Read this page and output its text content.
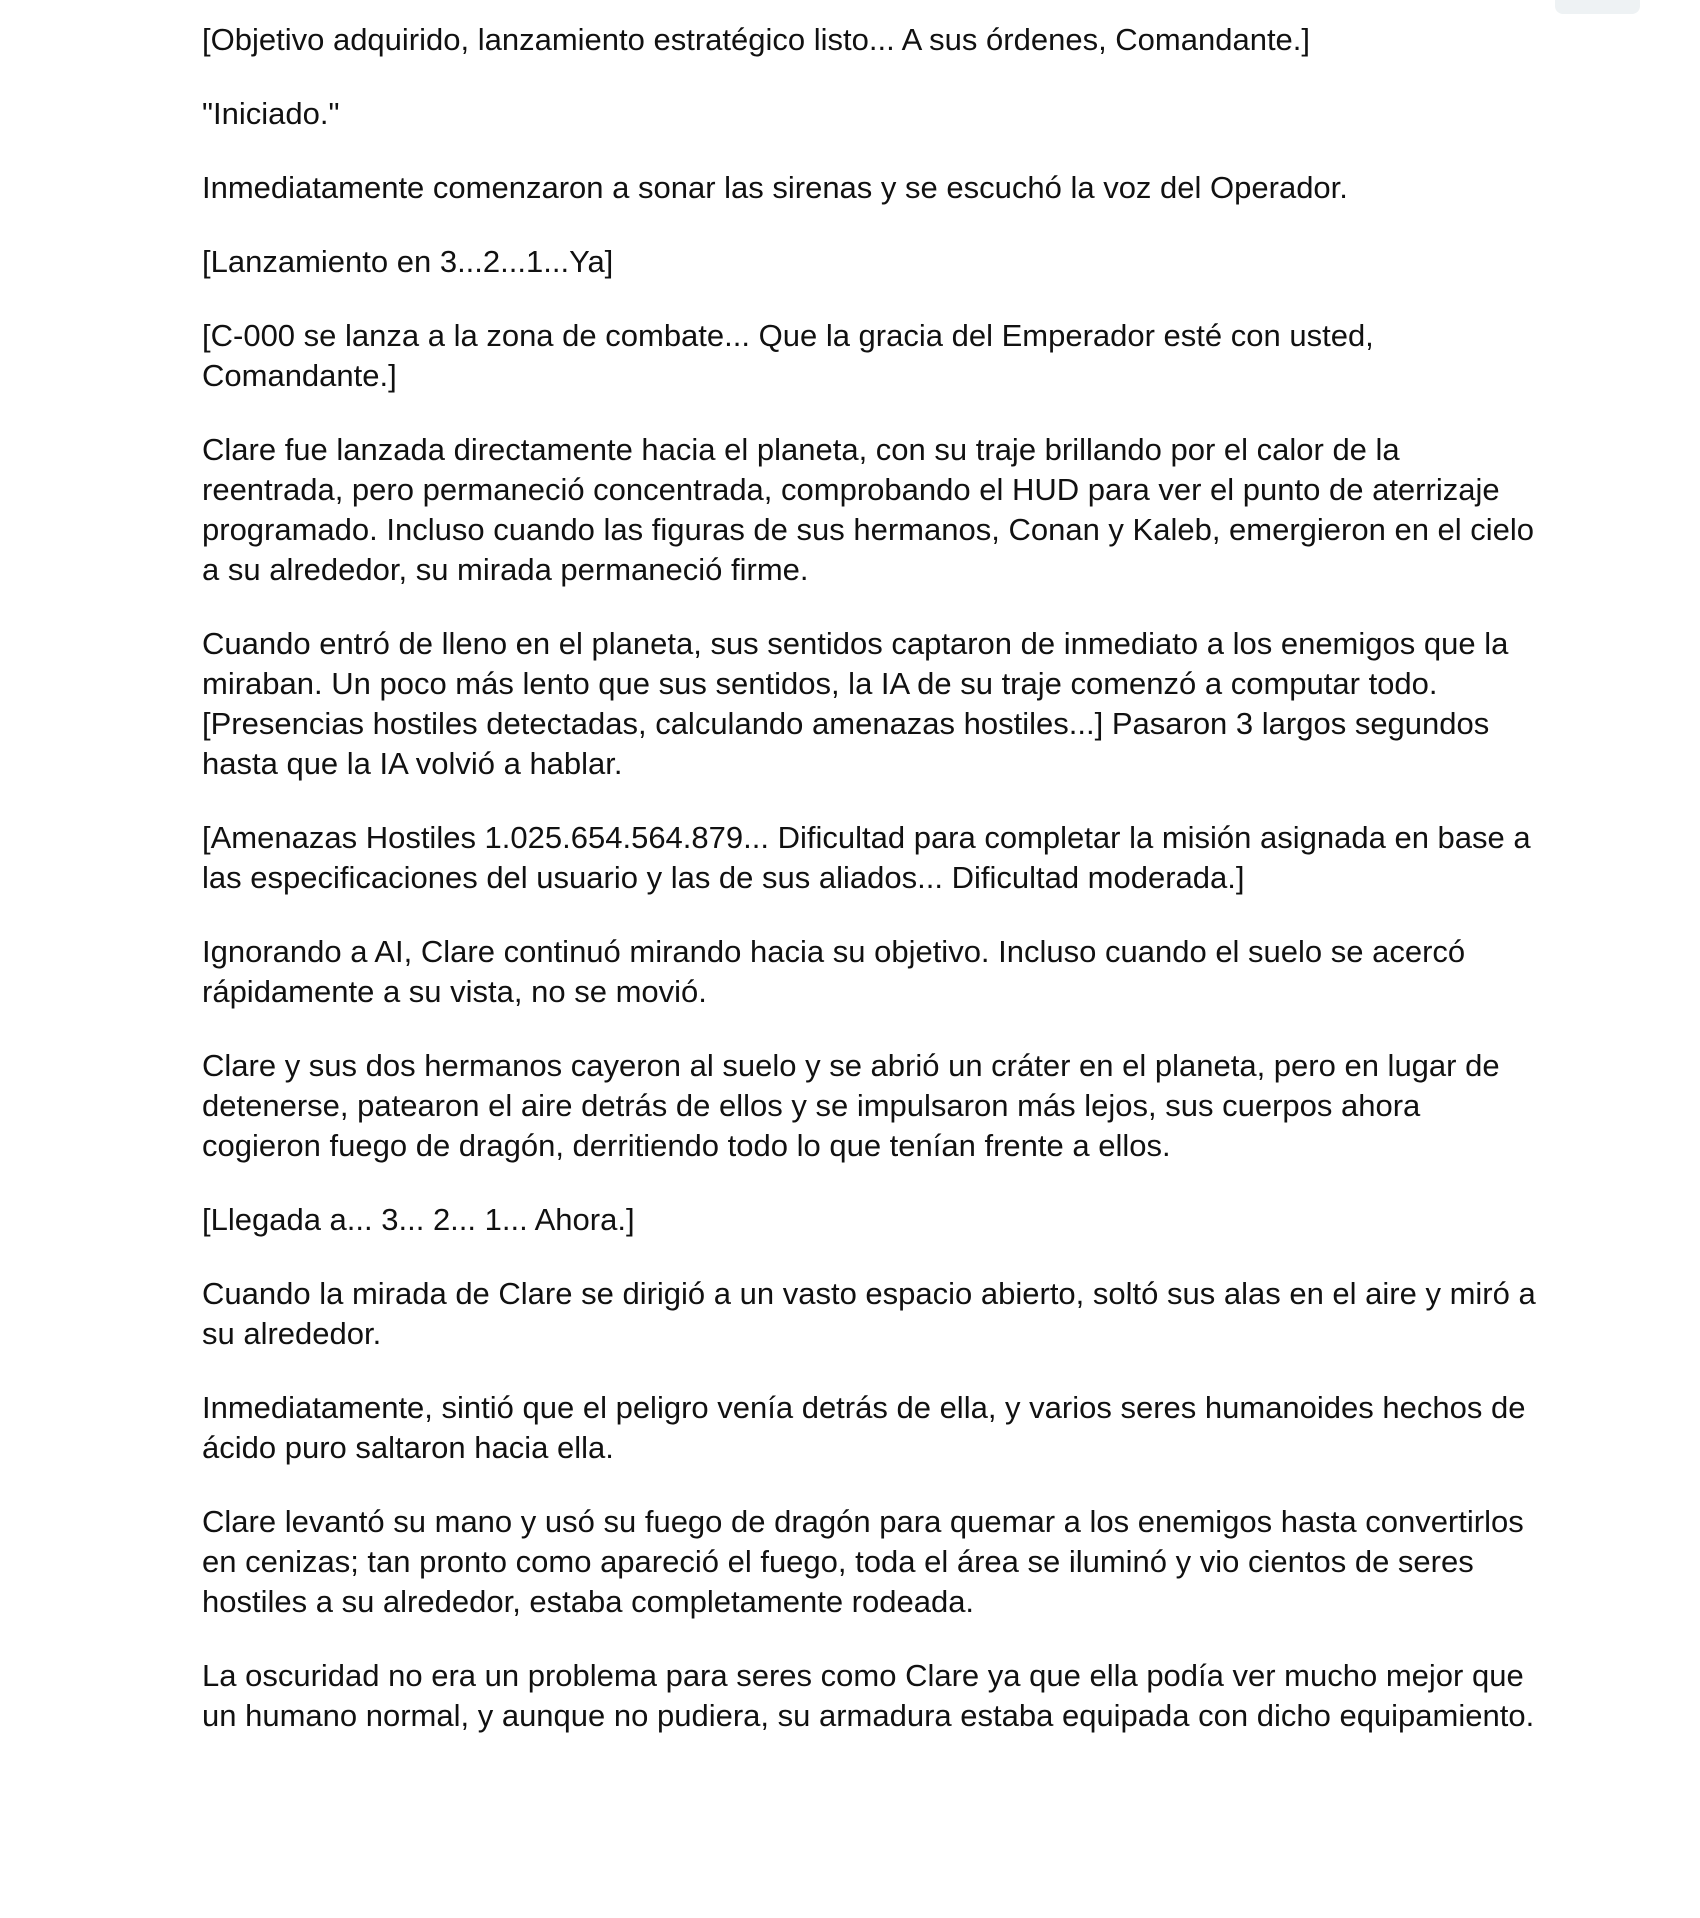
[Objetivo adquirido, lanzamiento estratégico listo... A sus órdenes, Comandante.]

"Iniciado."

Inmediatamente comenzaron a sonar las sirenas y se escuchó la voz del Operador.

[Lanzamiento en 3...2...1...Ya]

[C-000 se lanza a la zona de combate... Que la gracia del Emperador esté con usted, Comandante.]

Clare fue lanzada directamente hacia el planeta, con su traje brillando por el calor de la reentrada, pero permaneció concentrada, comprobando el HUD para ver el punto de aterrizaje programado. Incluso cuando las figuras de sus hermanos, Conan y Kaleb, emergieron en el cielo a su alrededor, su mirada permaneció firme.

Cuando entró de lleno en el planeta, sus sentidos captaron de inmediato a los enemigos que la miraban. Un poco más lento que sus sentidos, la IA de su traje comenzó a computar todo. [Presencias hostiles detectadas, calculando amenazas hostiles...] Pasaron 3 largos segundos hasta que la IA volvió a hablar.

[Amenazas Hostiles 1.025.654.564.879... Dificultad para completar la misión asignada en base a las especificaciones del usuario y las de sus aliados... Dificultad moderada.]

Ignorando a AI, Clare continuó mirando hacia su objetivo. Incluso cuando el suelo se acercó rápidamente a su vista, no se movió.

Clare y sus dos hermanos cayeron al suelo y se abrió un cráter en el planeta, pero en lugar de detenerse, patearon el aire detrás de ellos y se impulsaron más lejos, sus cuerpos ahora cogieron fuego de dragón, derritiendo todo lo que tenían frente a ellos.

[Llegada a... 3... 2... 1... Ahora.]

Cuando la mirada de Clare se dirigió a un vasto espacio abierto, soltó sus alas en el aire y miró a su alrededor.

Inmediatamente, sintió que el peligro venía detrás de ella, y varios seres humanoides hechos de ácido puro saltaron hacia ella.

Clare levantó su mano y usó su fuego de dragón para quemar a los enemigos hasta convertirlos en cenizas; tan pronto como apareció el fuego, toda el área se iluminó y vio cientos de seres hostiles a su alrededor, estaba completamente rodeada.

La oscuridad no era un problema para seres como Clare ya que ella podía ver mucho mejor que un humano normal, y aunque no pudiera, su armadura estaba equipada con dicho equipamiento.
